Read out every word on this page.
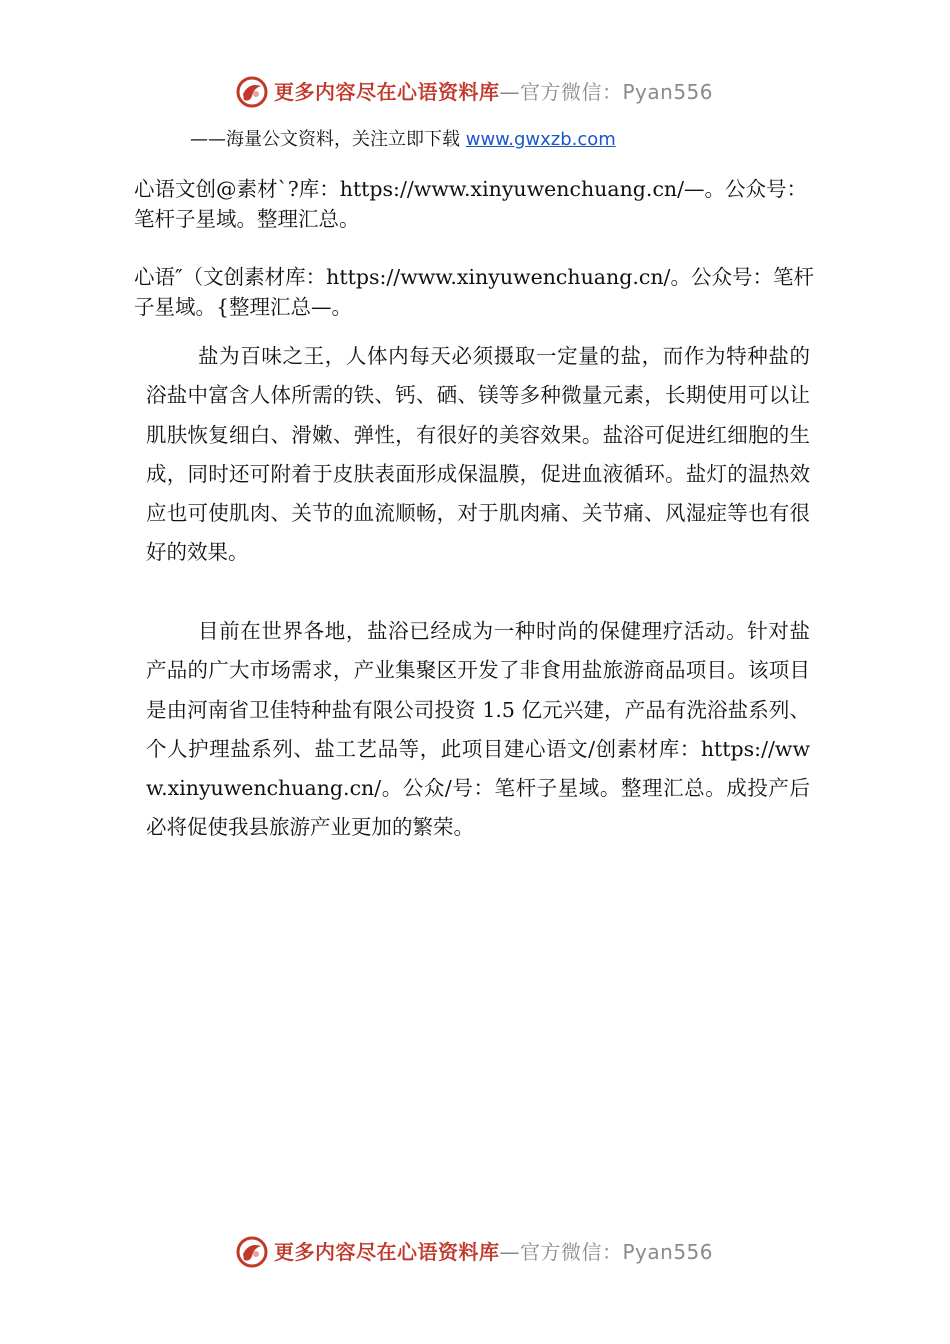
更多内容尽在心语资料库—官方微信：Pyan556
——海量公文资料，关注立即下载 www.gwxzb.com

心语文创@素材`?库：https://www.xinyuwenchuang.cn/—。公众号：笔杆子星域。整理汇总。

心语″（文创素材库：https://www.xinyuwenchuang.cn/。公众号：笔杆子星域。{整理汇总—。

盐为百味之王，人体内每天必须摄取一定量的盐，而作为特种盐的浴盐中富含人体所需的铁、钙、硒、镁等多种微量元素，长期使用可以让肌肤恢复细白、滑嫩、弹性，有很好的美容效果。盐浴可促进红细胞的生成，同时还可附着于皮肤表面形成保温膜，促进血液循环。盐灯的温热效应也可使肌肉、关节的血流顺畅，对于肌肉痛、关节痛、风湿症等也有很好的效果。

目前在世界各地，盐浴已经成为一种时尚的保健理疗活动。针对盐产品的广大市场需求，产业集聚区开发了非食用盐旅游商品项目。该项目是由河南省卫佳特种盐有限公司投资 1.5 亿元兴建，产品有洗浴盐系列、个人护理盐系列、盐工艺品等，此项目建心语文/创素材库：https://www.xinyuwenchuang.cn/。公众/号：笔杆子星域。整理汇总。成投产后必将促使我县旅游产业更加的繁荣。

更多内容尽在心语资料库—官方微信：Pyan556
